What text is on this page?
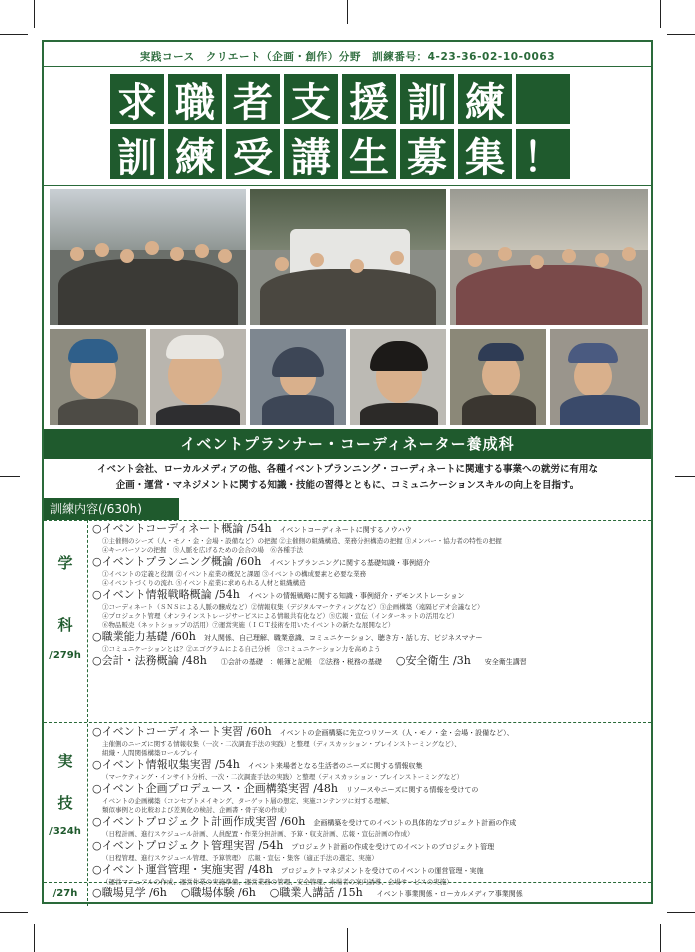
実践コース　クリエート（企画・創作）分野　訓練番号：4-23-36-02-10-0063
求 職 者 支 援 訓 練
訓 練 受 講 生 募 集 ！
イベントプランナー・コーディネーター養成科
イベント会社、ローカルメディアの他、各種イベントプランニング・コーディネートに関連する事業への就労に有用な
企画・運営・マネジメントに関する知識・技能の習得とともに、コミュニケーションスキルの向上を目指す。
訓練内容(/630h)
学
科
/279h
実
技
/324h
/27h
○イベントコーディネート概論 /54h イベントコーディネートに関するノウハウ
①主催側のシーズ（人・モノ・金・会場・設備など）の把握 ②主催側の組織構造、業務分担構造の把握 ③メンバー・協力者の特性の把握
④キーパーソンの把握　⑤人脈を広げるための会合の場　⑥各種手法
○イベントプランニング概論 /60h イベントプランニングに関する基礎知識・事例紹介
①イベントの定義と役割 ②イベント産業の概況と課題 ③イベントの構成要素と必要な業務
④イベントづくりの流れ ⑤イベント産業に求められる人材と組織構造
○イベント情報戦略概論 /54h イベントの情報戦略に関する知識・事例紹介・デモンストレーション
①コーディネート（ＳＮＳによる人脈の醸成など）②情報収集（デジタルマーケティングなど）③企画構築（遠隔ビデオ会議など）
④プロジェクト管理（オンラインストレージサービスによる情報共有化など）⑤広報・宣伝（インターネットの活用など）
⑥物品販売（ネットショップの活用）⑦運営実施（ＩＣＴ技術を用いたイベントの新たな展開など）
○職業能力基礎 /60h 対人関係、自己理解、職業意識、コミュニケーション、聴き方・話し方、ビジネスマナー
①コミュニケーションとは？②エゴグラムによる自己分析　③コミュニケーション力を高めよう
○会計・法務概論 /48h ①会計の基礎　：帳簿と記帳　②法務・税務の基礎 ○安全衛生 /3h 安全衛生講習
○イベントコーディネート実習 /60h イベントの企画構築に先立つリソース（人・モノ・金・会場・設備など）、
主催側のニーズに関する情報収集（一次・二次調査手法の実践）と整理（ディスカッション・ブレインストーミングなど）、
組織・人間関係構築ロールプレイ
○イベント情報収集実習 /54h イベント来場者となる生活者のニーズに関する情報収集
（マーケティング・インサイト分析、一次・二次調査手法の実践）と整理（ディスカッション・ブレインストーミングなど）
○イベント企画プロデュース・企画構築実習 /48h リソースやニーズに関する情報を受けての
イベントの企画構築（コンセプトメイキング、ターゲット層の想定、実施コンテンツに対する理解、
類似事例との比較および差異化の検討、企画書・骨子案の作成）
○イベントプロジェクト計画作成実習 /60h 企画構築を受けてのイベントの具体的なプロジェクト計画の作成
（日程計画、進行スケジュール計画、人員配置・作業分担計画、予算・収支計画、広報・宣伝計画の作成）
○イベントプロジェクト管理実習 /54h プロジェクト計画の作成を受けてのイベントのプロジェクト管理
（日程管理、進行スケジュール管理、予算管理）　広報・宣伝・集客（適正手法の選定、実施）
○イベント運営管理・実施実習 /48h プロジェクトマネジメントを受けてのイベントの運営管理・実施
（運営マニュアルの作成、運営作業の実施準備、運営業務の管理、安全管理、来場者の案内誘導、会場サービスの実施）
○職場見学 /6h ○職場体験 /6h ○職業人講話 /15h イベント事業関係・ローカルメディア事業関係
